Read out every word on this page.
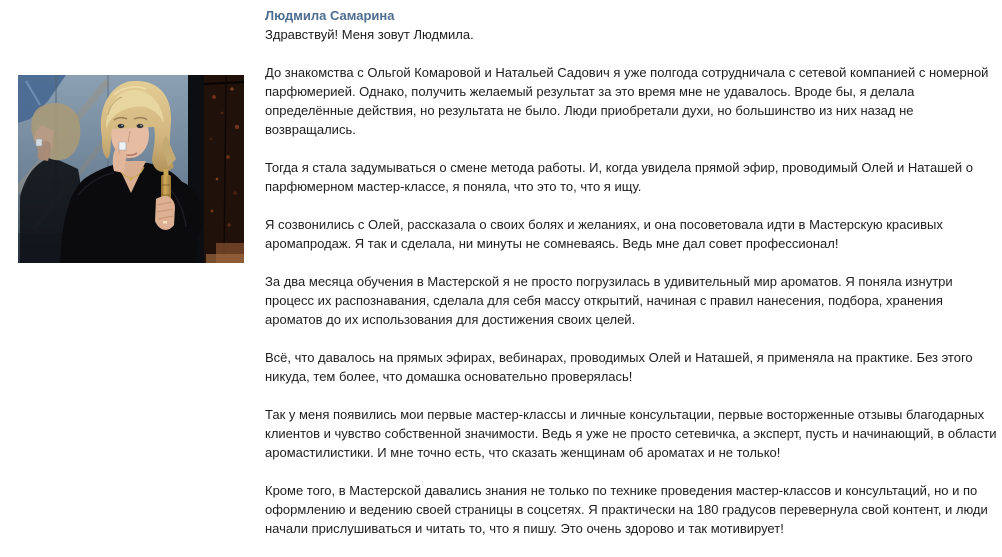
Людмила Самарина

Здравствуй! Меня зовут Людмила.

До знакомства с Ольгой Комаровой и Натальей Садович я уже полгода сотрудничала с сетевой компанией с номерной парфюмерией. Однако, получить желаемый результат за это время мне не удавалось. Вроде бы, я делала определённые действия, но результата не было. Люди приобретали духи, но большинство из них назад не возвращались.

Тогда я стала задумываться о смене метода работы. И, когда увидела прямой эфир, проводимый Олей и Наташей о парфюмерном мастер-классе, я поняла, что это то, что я ищу.

Я созвонились с Олей, рассказала о своих болях и желаниях, и она посоветовала идти в Мастерскую красивых аромапродаж. Я так и сделала, ни минуты не сомневаясь. Ведь мне дал совет профессионал!

За два месяца обучения в Мастерской я не просто погрузилась в удивительный мир ароматов. Я поняла изнутри процесс их распознавания, сделала для себя массу открытий, начиная с правил нанесения, подбора, хранения ароматов до их использования для достижения своих целей.

Всё, что давалось на прямых эфирах, вебинарах, проводимых Олей и Наташей, я применяла на практике. Без этого никуда, тем более, что домашка основательно проверялась!

Так у меня появились мои первые мастер-классы и личные консультации, первые восторженные отзывы благодарных клиентов и чувство собственной значимости. Ведь я уже не просто сетевичка, а эксперт, пусть и начинающий, в области аромастилистики. И мне точно есть, что сказать женщинам об ароматах и не только!

Кроме того, в Мастерской давались знания не только по технике проведения мастер-классов и консультаций, но и по оформлению и ведению своей страницы в соцсетях. Я практически на 180 градусов перевернула свой контент, и люди начали прислушиваться и читать то, что я пишу. Это очень здорово и так мотивирует!
